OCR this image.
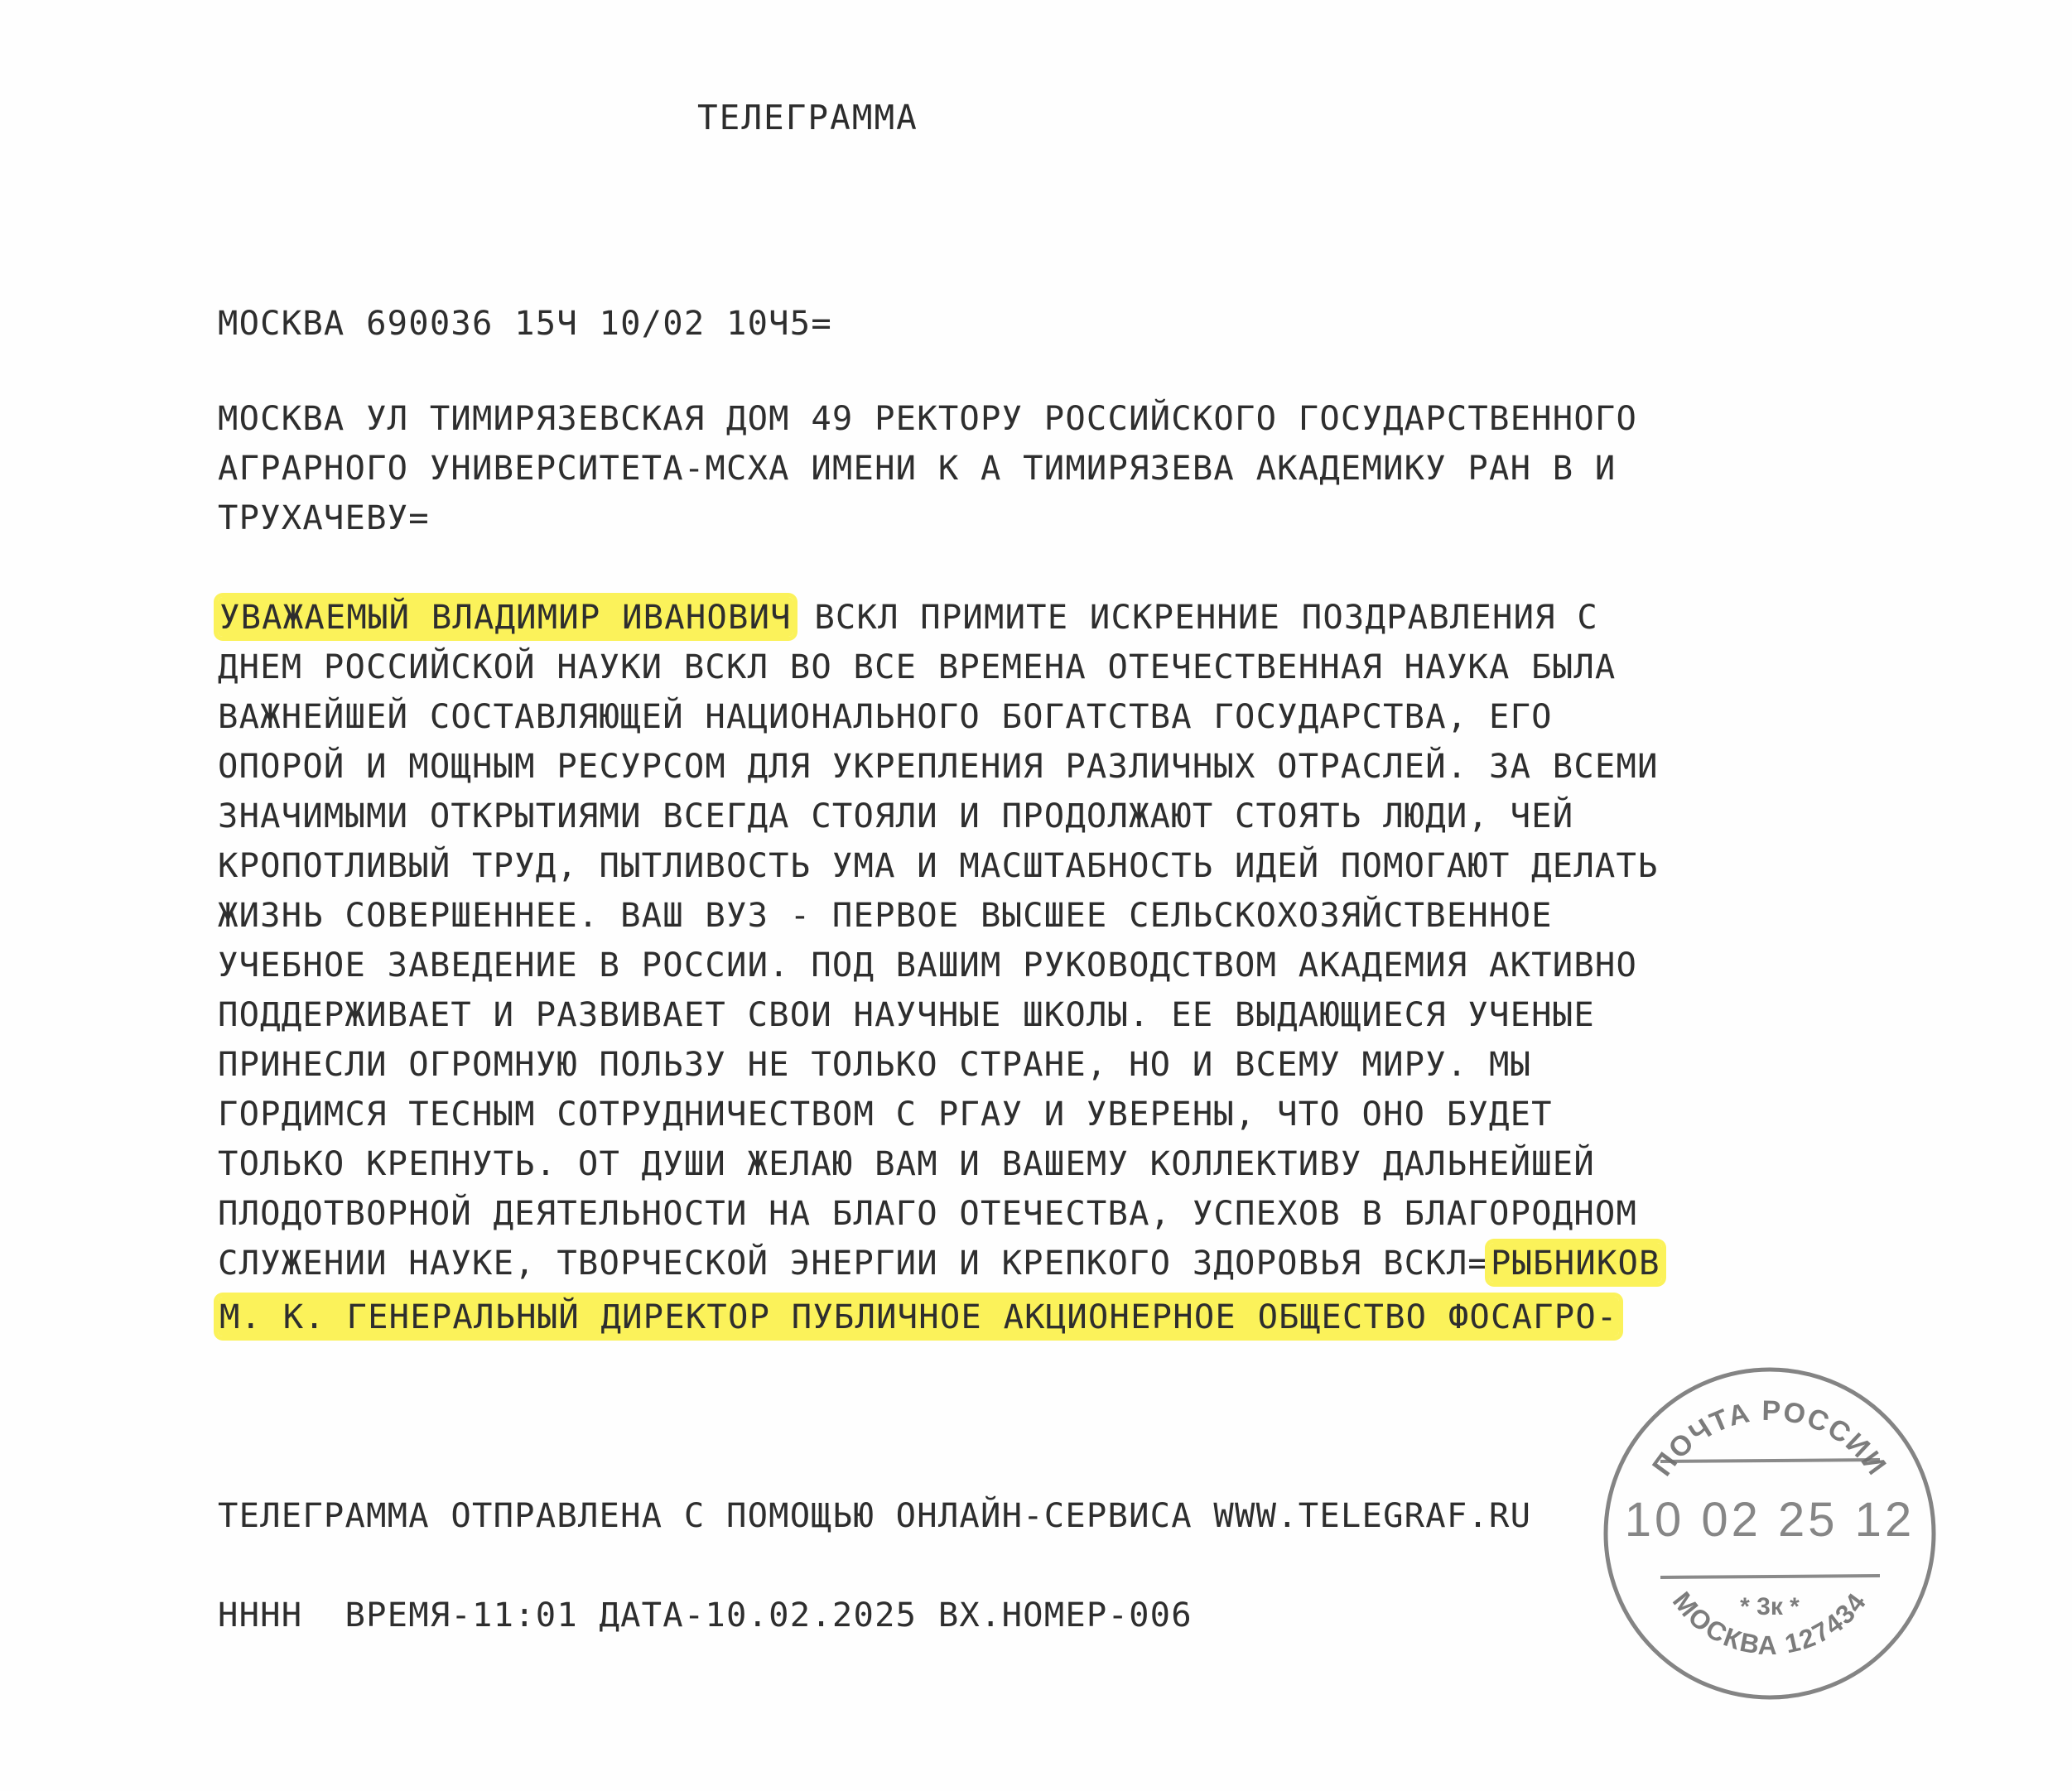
ТЕЛЕГРАММА
МОСКВА 690036 15Ч 10/02 10Ч5=
МОСКВА УЛ ТИМИРЯЗЕВСКАЯ ДОМ 49 РЕКТОРУ РОССИЙСКОГО ГОСУДАРСТВЕННОГО
АГРАРНОГО УНИВЕРСИТЕТА-МСХА ИМЕНИ К А ТИМИРЯЗЕВА АКАДЕМИКУ РАН В И
ТРУХАЧЕВУ=
УВАЖАЕМЫЙ ВЛАДИМИР ИВАНОВИЧ ВСКЛ ПРИМИТЕ ИСКРЕННИЕ ПОЗДРАВЛЕНИЯ С
ДНЕМ РОССИЙСКОЙ НАУКИ ВСКЛ ВО ВСЕ ВРЕМЕНА ОТЕЧЕСТВЕННАЯ НАУКА БЫЛА
ВАЖНЕЙШЕЙ СОСТАВЛЯЮЩЕЙ НАЦИОНАЛЬНОГО БОГАТСТВА ГОСУДАРСТВА, ЕГО
ОПОРОЙ И МОЩНЫМ РЕСУРСОМ ДЛЯ УКРЕПЛЕНИЯ РАЗЛИЧНЫХ ОТРАСЛЕЙ. ЗА ВСЕМИ
ЗНАЧИМЫМИ ОТКРЫТИЯМИ ВСЕГДА СТОЯЛИ И ПРОДОЛЖАЮТ СТОЯТЬ ЛЮДИ, ЧЕЙ
КРОПОТЛИВЫЙ ТРУД, ПЫТЛИВОСТЬ УМА И МАСШТАБНОСТЬ ИДЕЙ ПОМОГАЮТ ДЕЛАТЬ
ЖИЗНЬ СОВЕРШЕННЕЕ. ВАШ ВУЗ - ПЕРВОЕ ВЫСШЕЕ СЕЛЬСКОХОЗЯЙСТВЕННОЕ
УЧЕБНОЕ ЗАВЕДЕНИЕ В РОССИИ. ПОД ВАШИМ РУКОВОДСТВОМ АКАДЕМИЯ АКТИВНО
ПОДДЕРЖИВАЕТ И РАЗВИВАЕТ СВОИ НАУЧНЫЕ ШКОЛЫ. ЕЕ ВЫДАЮЩИЕСЯ УЧЕНЫЕ
ПРИНЕСЛИ ОГРОМНУЮ ПОЛЬЗУ НЕ ТОЛЬКО СТРАНЕ, НО И ВСЕМУ МИРУ. МЫ
ГОРДИМСЯ ТЕСНЫМ СОТРУДНИЧЕСТВОМ С РГАУ И УВЕРЕНЫ, ЧТО ОНО БУДЕТ
ТОЛЬКО КРЕПНУТЬ. ОТ ДУШИ ЖЕЛАЮ ВАМ И ВАШЕМУ КОЛЛЕКТИВУ ДАЛЬНЕЙШЕЙ
ПЛОДОТВОРНОЙ ДЕЯТЕЛЬНОСТИ НА БЛАГО ОТЕЧЕСТВА, УСПЕХОВ В БЛАГОРОДНОМ
СЛУЖЕНИИ НАУКЕ, ТВОРЧЕСКОЙ ЭНЕРГИИ И КРЕПКОГО ЗДОРОВЬЯ ВСКЛ=РЫБНИКОВ
М. К. ГЕНЕРАЛЬНЫЙ ДИРЕКТОР ПУБЛИЧНОЕ АКЦИОНЕРНОЕ ОБЩЕСТВО ФОСАГРО-
ТЕЛЕГРАММА ОТПРАВЛЕНА С ПОМОЩЬЮ ОНЛАЙН-СЕРВИСА WWW.TELEGRAF.RU
НННН  ВРЕМЯ-11:01 ДАТА-10.02.2025 ВХ.НОМЕР-006
ПОЧТА РОССИИ
10 02 25 12
* 3к *
МОСКВА 127434
